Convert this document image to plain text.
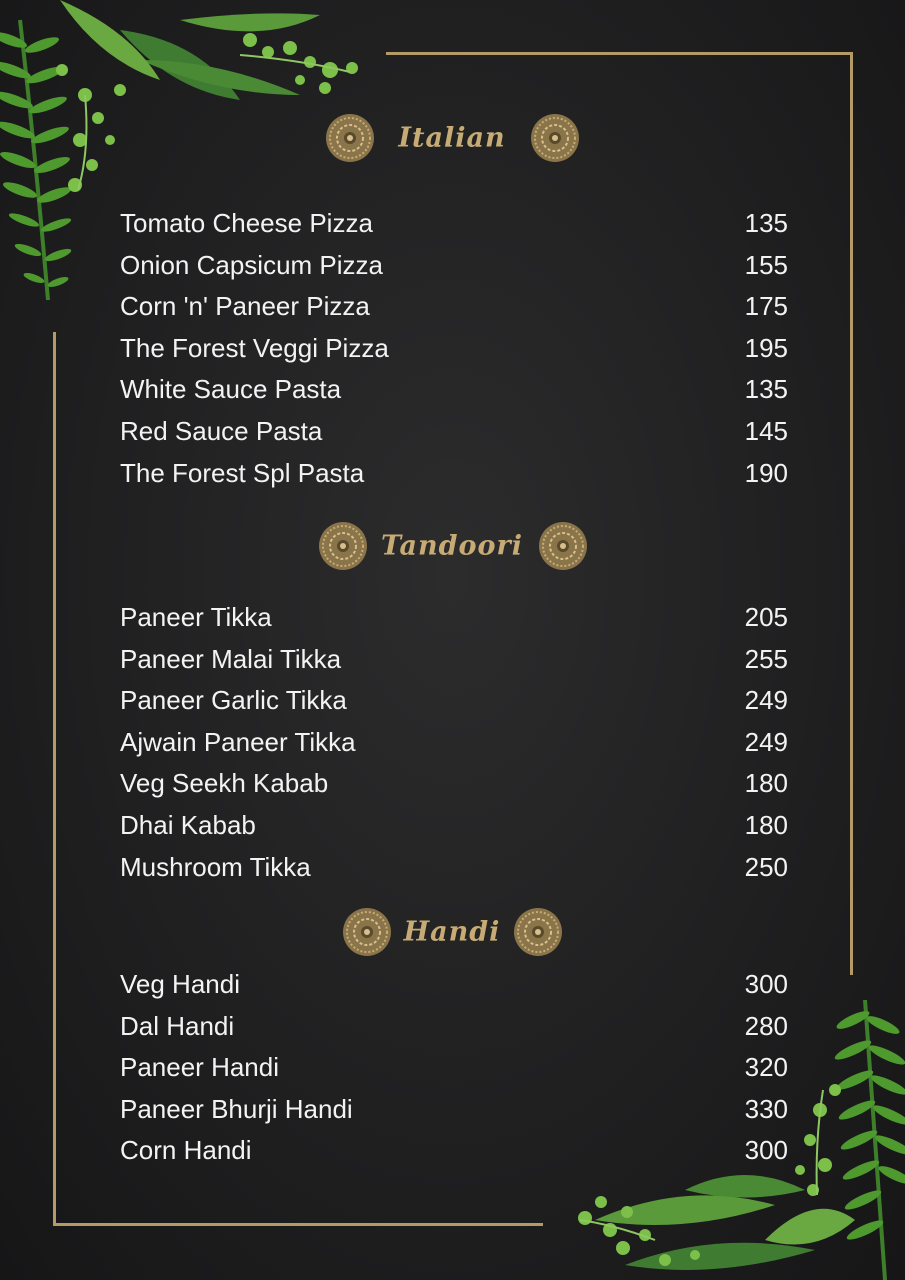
Italian
Tomato Cheese Pizza	135
Onion Capsicum Pizza	155
Corn 'n' Paneer Pizza	175
The Forest Veggi Pizza	195
White Sauce Pasta	135
Red Sauce Pasta	145
The Forest Spl Pasta	190
Tandoori
Paneer Tikka	205
Paneer Malai Tikka	255
Paneer Garlic Tikka	249
Ajwain Paneer Tikka	249
Veg Seekh Kabab	180
Dhai Kabab	180
Mushroom Tikka	250
Handi
Veg Handi	300
Dal Handi	280
Paneer Handi	320
Paneer Bhurji Handi	330
Corn Handi	300
